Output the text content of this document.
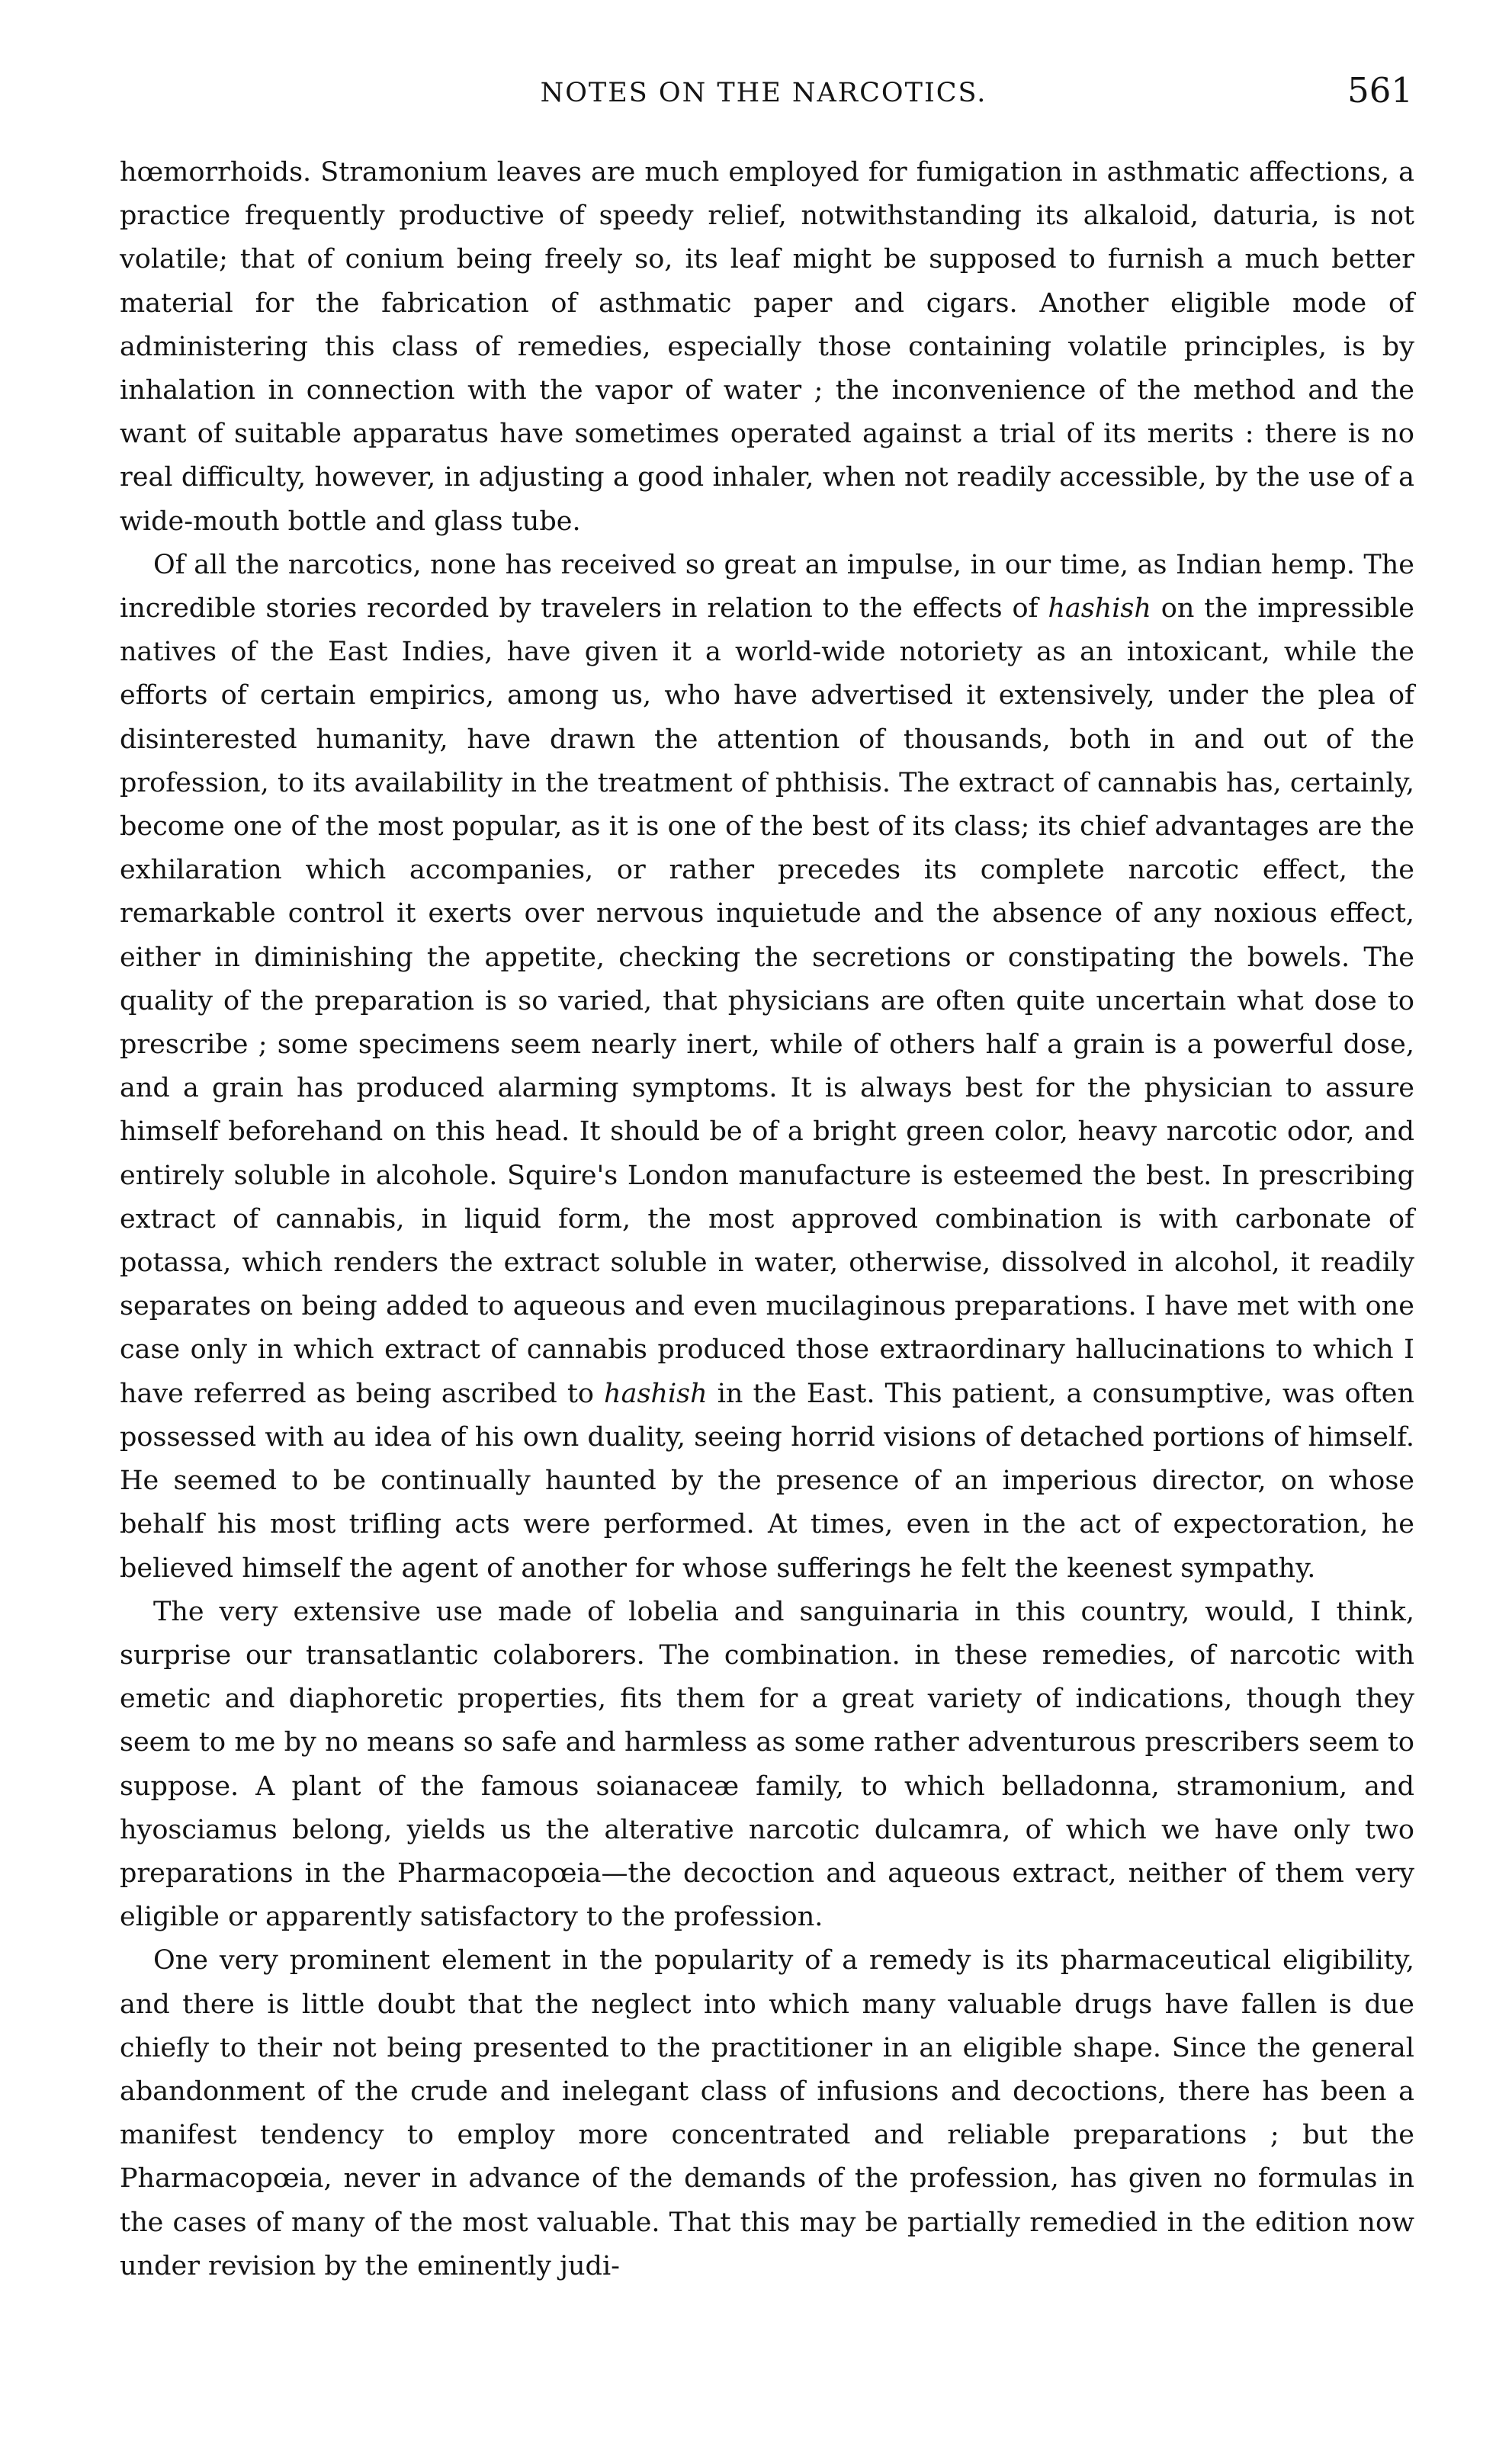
NOTES ON THE NARCOTICS.	561

hœmorrhoids. Stramonium leaves are much employed for fumigation in asthmatic affections, a practice frequently productive of speedy relief, notwithstanding its alkaloid, daturia, is not volatile; that of conium being freely so, its leaf might be supposed to furnish a much better material for the fabrication of asthmatic paper and cigars. Another eligible mode of administering this class of remedies, especially those containing volatile principles, is by inhalation in connection with the vapor of water ; the inconvenience of the method and the want of suitable apparatus have sometimes operated against a trial of its merits : there is no real difficulty, however, in adjusting a good inhaler, when not readily accessible, by the use of a wide-mouth bottle and glass tube.

Of all the narcotics, none has received so great an impulse, in our time, as Indian hemp. The incredible stories recorded by travelers in relation to the effects of hashish on the impressible natives of the East Indies, have given it a world-wide notoriety as an intoxicant, while the efforts of certain empirics, among us, who have advertised it extensively, under the plea of disinterested humanity, have drawn the attention of thousands, both in and out of the profession, to its availability in the treatment of phthisis. The extract of cannabis has, certainly, become one of the most popular, as it is one of the best of its class; its chief advantages are the exhilaration which accompanies, or rather precedes its complete narcotic effect, the remarkable control it exerts over nervous inquietude and the absence of any noxious effect, either in diminishing the appetite, checking the secretions or constipating the bowels. The quality of the preparation is so varied, that physicians are often quite uncertain what dose to prescribe ; some specimens seem nearly inert, while of others half a grain is a powerful dose, and a grain has produced alarming symptoms. It is always best for the physician to assure himself beforehand on this head. It should be of a bright green color, heavy narcotic odor, and entirely soluble in alcohole. Squire's London manufacture is esteemed the best. In prescribing extract of cannabis, in liquid form, the most approved combination is with carbonate of potassa, which renders the extract soluble in water, otherwise, dissolved in alcohol, it readily separates on being added to aqueous and even mucilaginous preparations. I have met with one case only in which extract of cannabis produced those extraordinary hallucinations to which I have referred as being ascribed to hashish in the East. This patient, a consumptive, was often possessed with au idea of his own duality, seeing horrid visions of detached portions of himself. He seemed to be continually haunted by the presence of an imperious director, on whose behalf his most trifling acts were performed. At times, even in the act of expectoration, he believed himself the agent of another for whose sufferings he felt the keenest sympathy.

The very extensive use made of lobelia and sanguinaria in this country, would, I think, surprise our transatlantic colaborers. The combination. in these remedies, of narcotic with emetic and diaphoretic properties, fits them for a great variety of indications, though they seem to me by no means so safe and harmless as some rather adventurous prescribers seem to suppose. A plant of the famous soianaceæ family, to which belladonna, stramonium, and hyosciamus belong, yields us the alterative narcotic dulcamra, of which we have only two preparations in the Pharmacopœia—the decoction and aqueous extract, neither of them very eligible or apparently satisfactory to the profession.

One very prominent element in the popularity of a remedy is its pharmaceutical eligibility, and there is little doubt that the neglect into which many valuable drugs have fallen is due chiefly to their not being presented to the practitioner in an eligible shape. Since the general abandonment of the crude and inelegant class of infusions and decoctions, there has been a manifest tendency to employ more concentrated and reliable preparations ; but the Pharmacopœia, never in advance of the demands of the profession, has given no formulas in the cases of many of the most valuable. That this may be partially remedied in the edition now under revision by the eminently judi-
